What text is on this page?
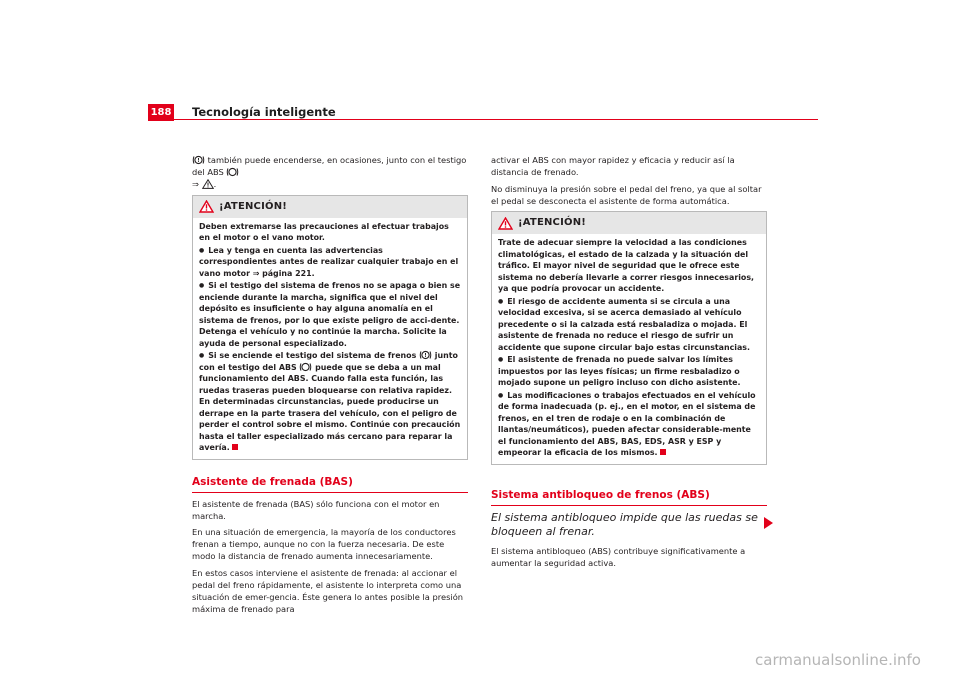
188 Tecnología inteligente

! también puede encenderse, en ocasiones, junto con el testigo del ABS
⇒ .

¡ATENCIÓN!

Deben extremarse las precauciones al efectuar trabajos en el motor o el vano motor.

● Lea y tenga en cuenta las advertencias correspondientes antes de realizar cualquier trabajo en el vano motor ⇒ página 221.

● Si el testigo del sistema de frenos no se apaga o bien se enciende durante la marcha, significa que el nivel del depósito es insuficiente o hay alguna anomalía en el sistema de frenos, por lo que existe peligro de acci-dente. Detenga el vehículo y no continúe la marcha. Solicite la ayuda de personal especializado.

● Si se enciende el testigo del sistema de frenos ! junto con el testigo del ABS puede que se deba a un mal funcionamiento del ABS. Cuando falla esta función, las ruedas traseras pueden bloquearse con relativa rapidez. En determinadas circunstancias, puede producirse un derrape en la parte trasera del vehículo, con el peligro de perder el control sobre el mismo. Continúe con precaución hasta el taller especializado más cercano para reparar la avería.

Asistente de frenada (BAS)

El asistente de frenada (BAS) sólo funciona con el motor en marcha.

En una situación de emergencia, la mayoría de los conductores frenan a tiempo, aunque no con la fuerza necesaria. De este modo la distancia de frenado aumenta innecesariamente.

En estos casos interviene el asistente de frenada: al accionar el pedal del freno rápidamente, el asistente lo interpreta como una situación de emer-gencia. Éste genera lo antes posible la presión máxima de frenado para

activar el ABS con mayor rapidez y eficacia y reducir así la distancia de frenado.

No disminuya la presión sobre el pedal del freno, ya que al soltar el pedal se desconecta el asistente de forma automática.

¡ATENCIÓN!

Trate de adecuar siempre la velocidad a las condiciones climatológicas, el estado de la calzada y la situación del tráfico. El mayor nivel de seguridad que le ofrece este sistema no debería llevarle a correr riesgos innecesarios, ya que podría provocar un accidente.

● El riesgo de accidente aumenta si se circula a una velocidad excesiva, si se acerca demasiado al vehículo precedente o si la calzada está resbaladiza o mojada. El asistente de frenada no reduce el riesgo de sufrir un accidente que supone circular bajo estas circunstancias.

● El asistente de frenada no puede salvar los límites impuestos por las leyes físicas; un firme resbaladizo o mojado supone un peligro incluso con dicho asistente.

● Las modificaciones o trabajos efectuados en el vehículo de forma inadecuada (p. ej., en el motor, en el sistema de frenos, en el tren de rodaje o en la combinación de llantas/neumáticos), pueden afectar considerable-mente el funcionamiento del ABS, BAS, EDS, ASR y ESP y empeorar la eficacia de los mismos.

Sistema antibloqueo de frenos (ABS)
El sistema antibloqueo impide que las ruedas se bloqueen al frenar.

El sistema antibloqueo (ABS) contribuye significativamente a aumentar la seguridad activa.

carmanualsonline.info
